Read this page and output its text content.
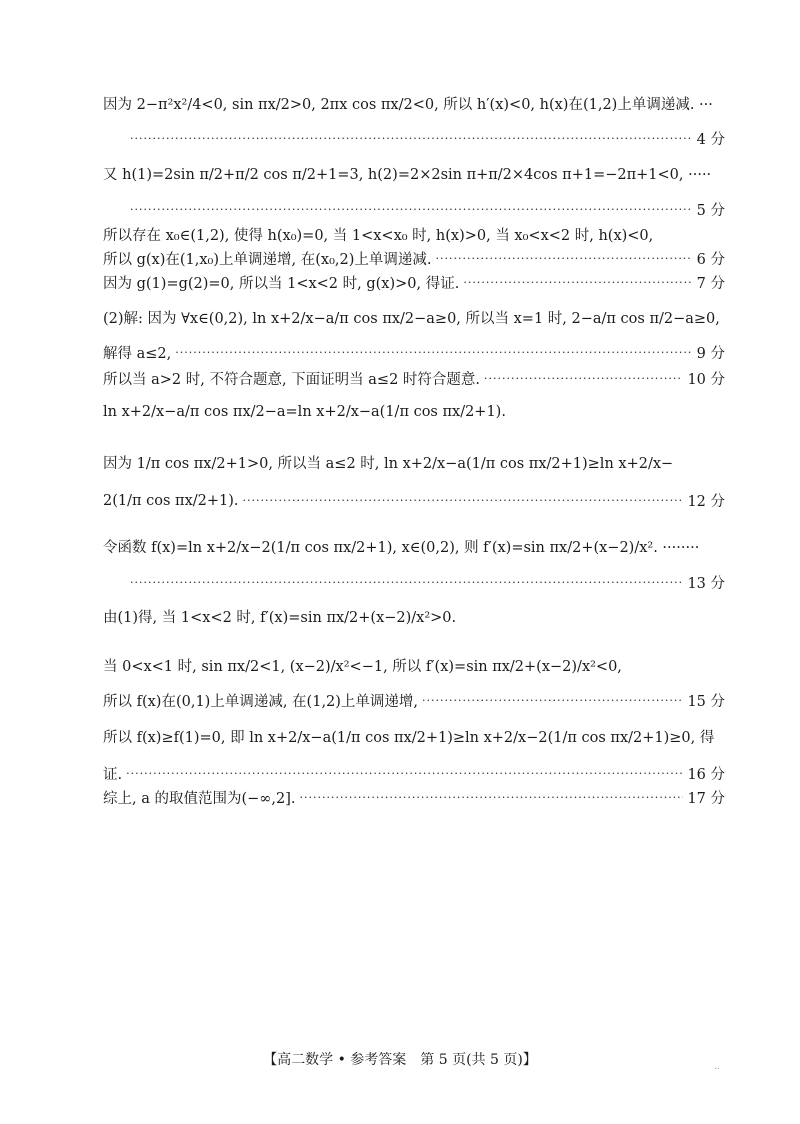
因为 2−π²x²/4<0, sin πx/2>0, 2πx cos πx/2<0, 所以 h′(x)<0, h(x)在(1,2)上单调递减. ···
·····
4 分
又 h(1)=2sin π/2+π/2 cos π/2+1=3, h(2)=2×2sin π+π/2×4cos π+1=−2π+1<0, ·····
·····
5 分
所以存在 x₀∈(1,2), 使得 h(x₀)=0, 当 1<x<x₀ 时, h(x)>0, 当 x₀<x<2 时, h(x)<0,
所以 g(x)在(1,x₀)上单调递增, 在(x₀,2)上单调递减. ·····	6 分
因为 g(1)=g(2)=0, 所以当 1<x<2 时, g(x)>0, 得证. ·····	7 分
(2)解: 因为 ∀x∈(0,2), ln x+2/x−a/π cos πx/2−a≥0, 所以当 x=1 时, 2−a/π cos π/2−a≥0,
解得 a≤2, ·····	9 分
所以当 a>2 时, 不符合题意, 下面证明当 a≤2 时符合题意. ·····	10 分
ln x+2/x−a/π cos πx/2−a=ln x+2/x−a(1/π cos πx/2+1).
因为 1/π cos πx/2+1>0, 所以当 a≤2 时, ln x+2/x−a(1/π cos πx/2+1)≥ln x+2/x−
2(1/π cos πx/2+1). ·····	12 分
令函数 f(x)=ln x+2/x−2(1/π cos πx/2+1), x∈(0,2), 则 f′(x)=sin πx/2+(x−2)/x². ········
·····
13 分
由(1)得, 当 1<x<2 时, f′(x)=sin πx/2+(x−2)/x²>0.
当 0<x<1 时, sin πx/2<1, (x−2)/x²<−1, 所以 f′(x)=sin πx/2+(x−2)/x²<0,
所以 f(x)在(0,1)上单调递减, 在(1,2)上单调递增, ·····	15 分
所以 f(x)≥f(1)=0, 即 ln x+2/x−a(1/π cos πx/2+1)≥ln x+2/x−2(1/π cos πx/2+1)≥0, 得
证. ·····	16 分
综上, a 的取值范围为(−∞,2]. ·····	17 分
【高二数学 • 参考答案　第 5 页(共 5 页)】	..
